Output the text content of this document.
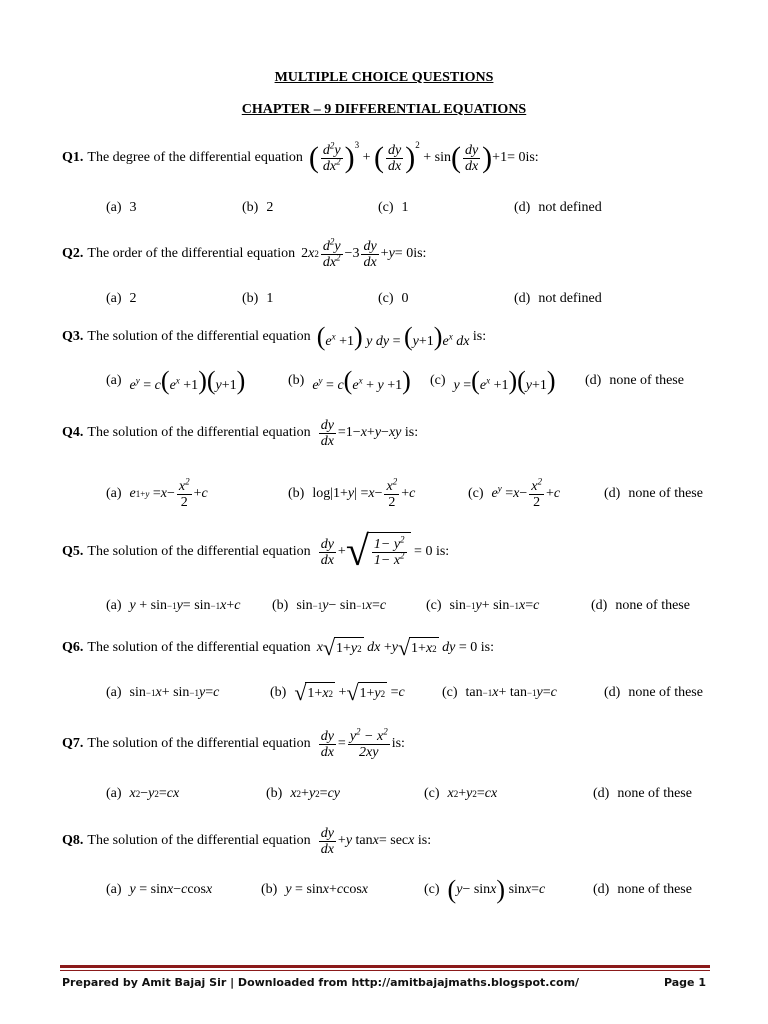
MULTIPLE CHOICE QUESTIONS
CHAPTER – 9 DIFFERENTIAL EQUATIONS
Q1. The degree of the differential equation ( $d^2y$
$dx^2$ ) 3
+ ( dy
dx ) 2
+ sin ( dy
dx ) +1= 0 is:
(a) 3	(b) 2	(c) 1	(d) not defined
Q2. The order of the differential equation 2 x 2
$d^2y$
$dx^2 -3$ dy
dx
+ y = 0 is:
(a) 2	(b) 1	(c) 0	(d) not defined
Q3. The solution of the differential equation $(e^x +1)$ y dy = $(y+1)e^x$ dx
is:
(a) $e^y = c(e^x +1)(y+1)$	(b) $e^y = c(e^x + y +1)$ (c) $y =(e^x +1)(y+1)$ (d) none of these
Q4. The solution of the differential equation dy
dx
=1− x + y − xy
is:
(a) e $1+y = x - x^2$
2
+ c	(b) log|1+ y | = $x - x^2$
2
+ c	(c) $e^y = x - x^2$
2
+ c	(d) none of these
Q5. The solution of the differential equation dy
dx
+ √ $1- y^2$
$1- x^2 = 0$
is:
(a) y + sin −1 y = sin −1 x + c (b) sin −1 y − sin −1 x = c	(c) sin −1 y + sin −1 x = c	(d) none of these
Q6. The solution of the differential equation x √ 1+ y 2
dx + y √ 1+ x 2
dy = 0
is:
(a) sin −1 x + sin −1 y = c	(b) √ 1+ x 2 + √ 1+ y 2 = c	(c) tan −1 x + tan −1 y = c	(d) none of these
Q7. The solution of the differential equation dy
dx
= $y^2 - x^2$
2xy
is:
(a) x 2 − y 2 = cx	(b) x 2 + y 2 = cy	(c) x 2 + y 2 = cx	(d) none of these
Q8. The solution of the differential equation dy
dx
+ y tan x = sec x
is:
(a) y = sin x − c cos x	(b) y = sin x + c cos x	(c) ( y − sin x ) sin x = c	(d) none of these
Prepared by Amit Bajaj Sir | Downloaded from http://amitbajajmaths.blogspot.com/	Page 1
